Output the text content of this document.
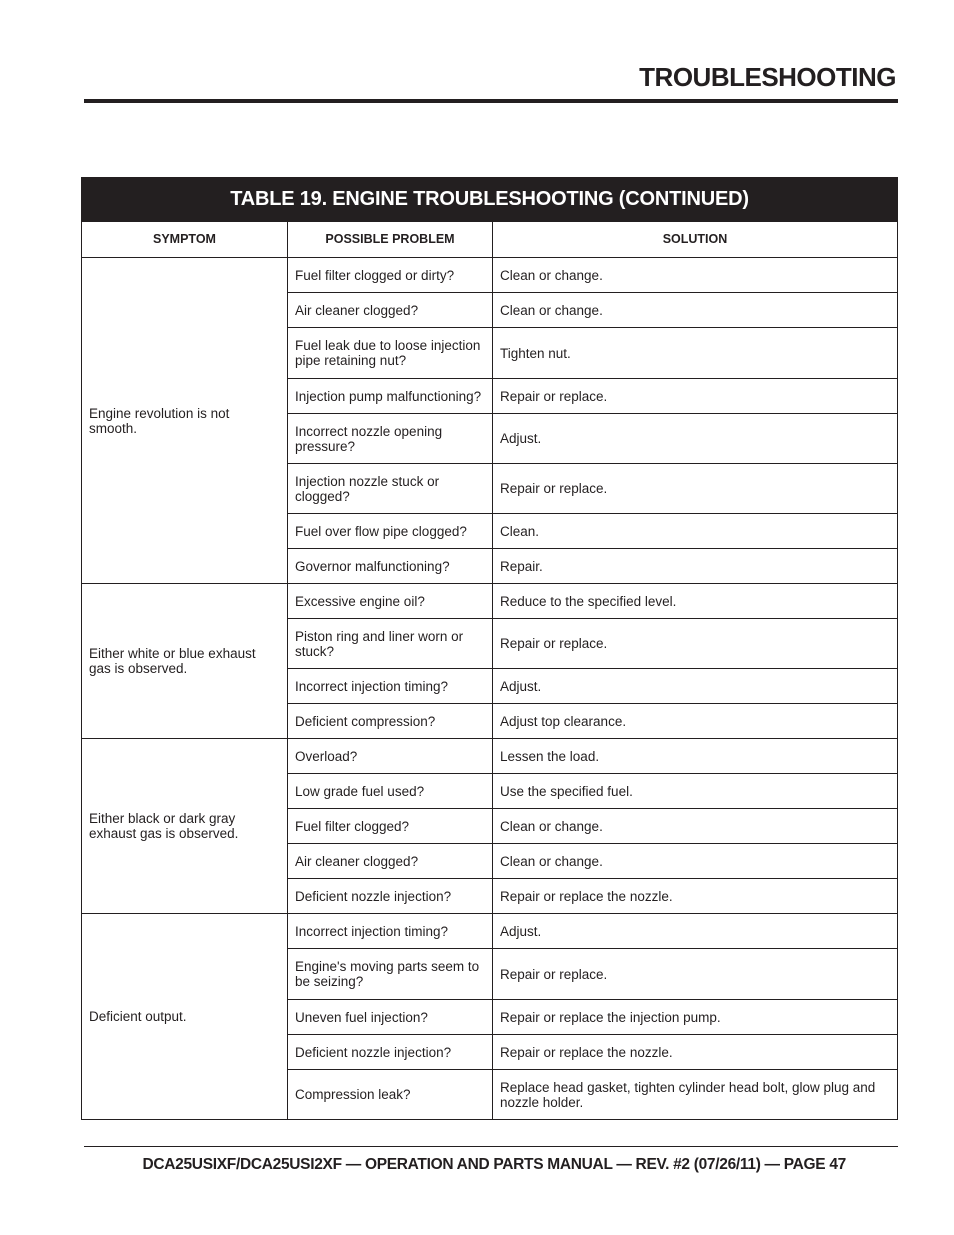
TROUBLESHOOTING
TABLE 19. ENGINE TROUBLESHOOTING (CONTINUED)		
SYMPTOM	POSSIBLE PROBLEM	SOLUTION
Engine revolution is not smooth.	Fuel filter clogged or dirty?	Clean or change.
	Air cleaner clogged?	Clean or change.
	Fuel leak due to loose injection pipe retaining nut?	Tighten nut.
	Injection pump malfunctioning?	Repair or replace.
	Incorrect nozzle opening pressure?	Adjust.
	Injection nozzle stuck or clogged?	Repair or replace.
	Fuel over flow pipe clogged?	Clean.
	Governor malfunctioning?	Repair.
Either white or blue exhaust gas is observed.	Excessive engine oil?	Reduce to the specified level.
	Piston ring and liner worn or stuck?	Repair or replace.
	Incorrect injection timing?	Adjust.
	Deficient compression?	Adjust top clearance.
Either black or dark gray exhaust gas is observed.	Overload?	Lessen the load.
	Low grade fuel used?	Use the specified fuel.
	Fuel filter clogged?	Clean or change.
	Air cleaner clogged?	Clean or change.
	Deficient nozzle injection?	Repair or replace the nozzle.
Deficient output.	Incorrect injection timing?	Adjust.
	Engine's moving parts seem to be seizing?	Repair or replace.
	Uneven fuel injection?	Repair or replace the injection pump.
	Deficient nozzle injection?	Repair or replace the nozzle.
	Compression leak?	Replace head gasket, tighten cylinder head bolt, glow plug and nozzle holder.

DCA25USIXF/DCA25USI2XF — OPERATION AND PARTS MANUAL — REV. #2 (07/26/11) — PAGE 47
